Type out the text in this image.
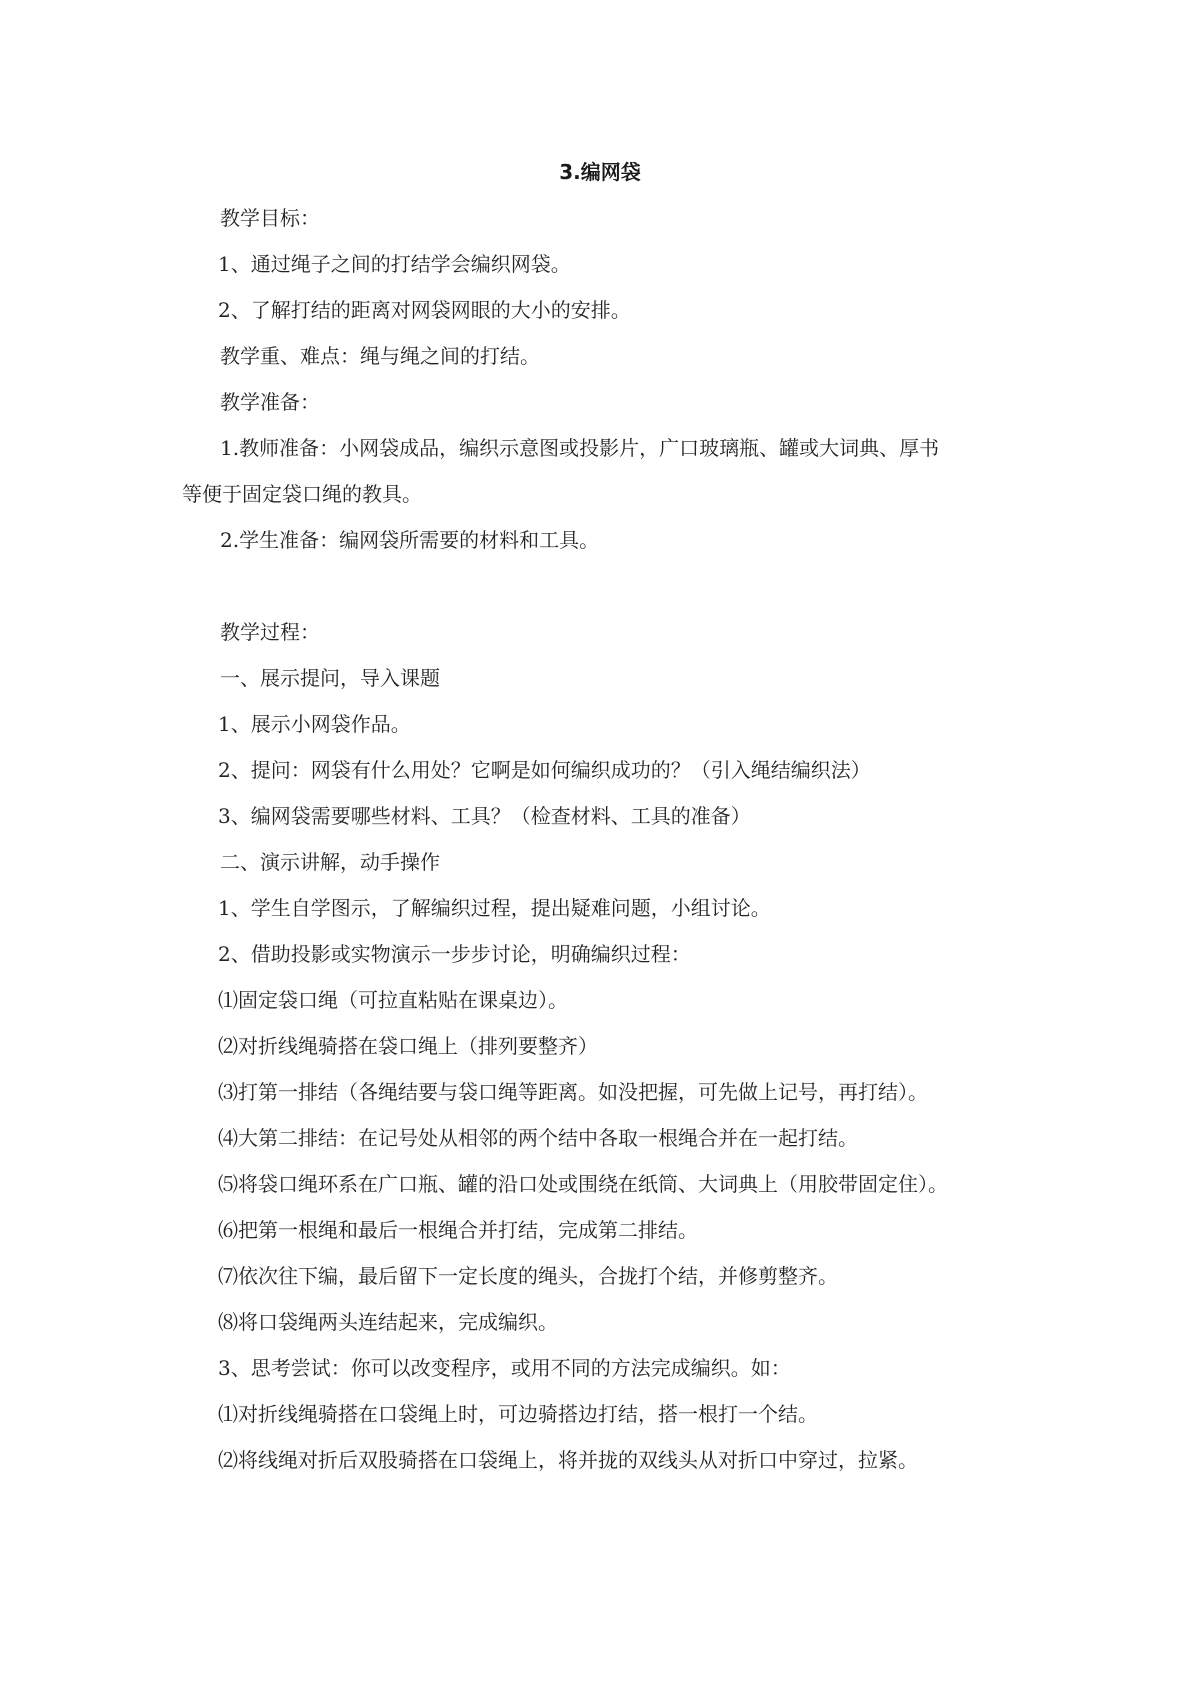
3.编网袋
教学目标：
1、通过绳子之间的打结学会编织网袋。
2、了解打结的距离对网袋网眼的大小的安排。
教学重、难点：绳与绳之间的打结。
教学准备：
1.教师准备：小网袋成品，编织示意图或投影片，广口玻璃瓶、罐或大词典、厚书
等便于固定袋口绳的教具。
2.学生准备：编网袋所需要的材料和工具。
教学过程：
一、展示提问，导入课题
1、展示小网袋作品。
2、提问：网袋有什么用处？它啊是如何编织成功的？（引入绳结编织法）
3、编网袋需要哪些材料、工具？（检查材料、工具的准备）
二、演示讲解，动手操作
1、学生自学图示，了解编织过程，提出疑难问题，小组讨论。
2、借助投影或实物演示一步步讨论，明确编织过程：
⑴固定袋口绳（可拉直粘贴在课桌边）。
⑵对折线绳骑搭在袋口绳上（排列要整齐）
⑶打第一排结（各绳结要与袋口绳等距离。如没把握，可先做上记号，再打结）。
⑷大第二排结：在记号处从相邻的两个结中各取一根绳合并在一起打结。
⑸将袋口绳环系在广口瓶、罐的沿口处或围绕在纸筒、大词典上（用胶带固定住）。
⑹把第一根绳和最后一根绳合并打结，完成第二排结。
⑺依次往下编，最后留下一定长度的绳头，合拢打个结，并修剪整齐。
⑻将口袋绳两头连结起来，完成编织。
3、思考尝试：你可以改变程序，或用不同的方法完成编织。如：
⑴对折线绳骑搭在口袋绳上时，可边骑搭边打结，搭一根打一个结。
⑵将线绳对折后双股骑搭在口袋绳上，将并拢的双线头从对折口中穿过，拉紧。
